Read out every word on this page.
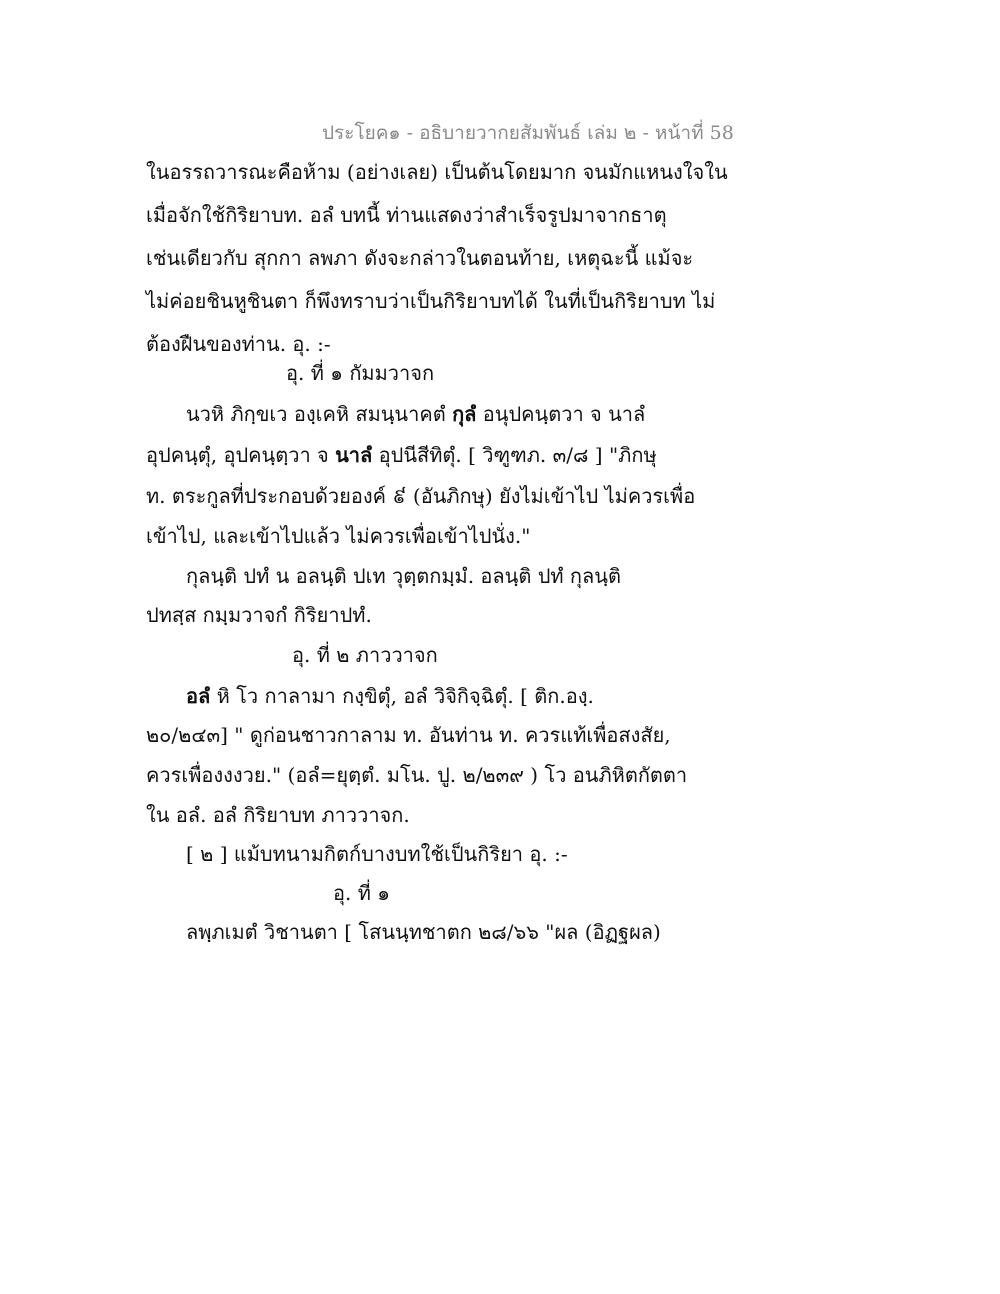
ประโยค๑ - อธิบายวากยสัมพันธ์ เล่ม ๒ - หน้าที่ 58
ในอรรถวารณะคือห้าม (อย่างเลย) เป็นต้นโดยมาก จนมักแหนงใจใน
เมื่อจักใช้กิริยาบท. อลํ บทนี้ ท่านแสดงว่าสำเร็จรูปมาจากธาตุ
เช่นเดียวกับ สุกกา ลพภา ดังจะกล่าวในตอนท้าย, เหตุฉะนี้ แม้จะ
ไม่ค่อยชินหูชินตา ก็พึงทราบว่าเป็นกิริยาบทได้ ในที่เป็นกิริยาบท ไม่
ต้องฝืนของท่าน. อุ. :-
อุ. ที่ ๑ กัมมวาจก
นวหิ ภิกฺขเว องฺเคหิ สมนฺนาคตํ กุลํ อนุปคนฺตวา จ นาลํ
อุปคนฺตุํ, อุปคนฺตฺวา จ นาลํ อุปนีสีทิตุํ. [ วิฑูฑภ. ๓/๘ ] "ภิกษุ
ท. ตระกูลที่ประกอบด้วยองค์ ៩ (อันภิกษุ) ยังไม่เข้าไป ไม่ควรเพื่อ
เข้าไป, และเข้าไปแล้ว ไม่ควรเพื่อเข้าไปนั่ง."
กุลนฺติ ปทํ น อลนฺติ ปเท วุตฺตกมฺมํ. อลนฺติ ปทํ กุลนฺติ
ปทสฺส กมฺมวาจกํ กิริยาปทํ.
อุ. ที่ ๒ ภาววาจก
อลํ หิ โว กาลามา กงฺขิตุํ, อลํ วิจิกิจฺฉิตุํ. [ ติก.องฺ.
๒๐/๒๔๓] " ดูก่อนชาวกาลาม ท. อันท่าน ท. ควรแท้เพื่อสงสัย,
ควรเพื่องงงวย." (อลํ=ยุตฺตํ. มโน. ปู. ๒/๒๓๙ ) โว อนภิหิตกัตตา
ใน อลํ. อลํ กิริยาบท ภาววาจก.
[ ๒ ] แม้บทนามกิตก์บางบทใช้เป็นกิริยา อุ. :-
อุ. ที่ ๑
ลพฺภเมตํ วิชานตา [ โสนนฺทชาตก ๒๘/๖๖ "ผล (อิฏฐผล)
